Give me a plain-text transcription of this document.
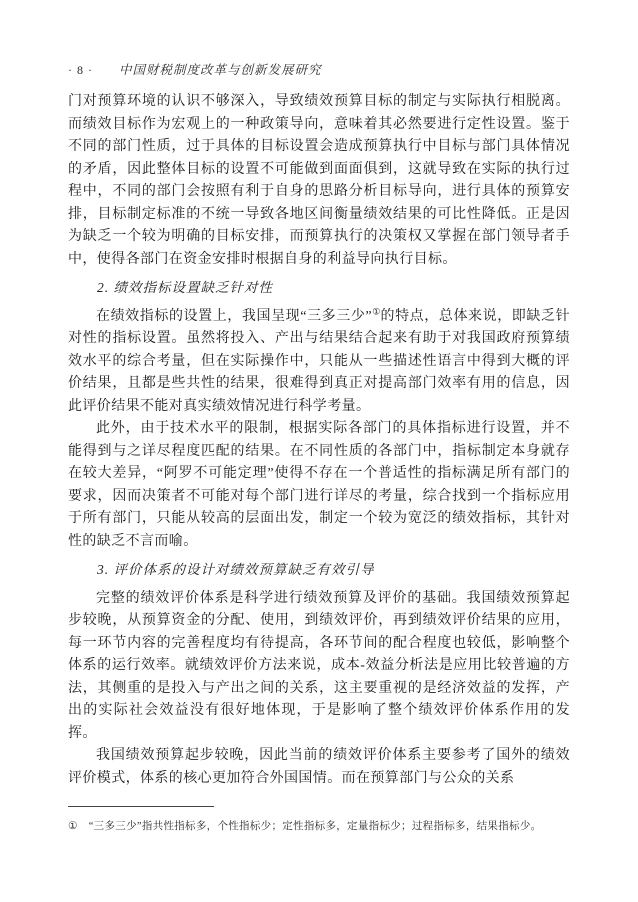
· 8 · 中国财税制度改革与创新发展研究

门对预算环境的认识不够深入，导致绩效预算目标的制定与实际执行相脱离。而绩效目标作为宏观上的一种政策导向，意味着其必然要进行定性设置。鉴于不同的部门性质，过于具体的目标设置会造成预算执行中目标与部门具体情况的矛盾，因此整体目标的设置不可能做到面面俱到，这就导致在实际的执行过程中，不同的部门会按照有利于自身的思路分析目标导向，进行具体的预算安排，目标制定标准的不统一导致各地区间衡量绩效结果的可比性降低。正是因为缺乏一个较为明确的目标安排，而预算执行的决策权又掌握在部门领导者手中，使得各部门在资金安排时根据自身的利益导向执行目标。

2. 绩效指标设置缺乏针对性

在绩效指标的设置上，我国呈现“三多三少”①的特点，总体来说，即缺乏针对性的指标设置。虽然将投入、产出与结果结合起来有助于对我国政府预算绩效水平的综合考量，但在实际操作中，只能从一些描述性语言中得到大概的评价结果，且都是些共性的结果，很难得到真正对提高部门效率有用的信息，因此评价结果不能对真实绩效情况进行科学考量。

此外，由于技术水平的限制，根据实际各部门的具体指标进行设置，并不能得到与之详尽程度匹配的结果。在不同性质的各部门中，指标制定本身就存在较大差异，“阿罗不可能定理”使得不存在一个普适性的指标满足所有部门的要求，因而决策者不可能对每个部门进行详尽的考量，综合找到一个指标应用于所有部门，只能从较高的层面出发，制定一个较为宽泛的绩效指标，其针对性的缺乏不言而喻。

3. 评价体系的设计对绩效预算缺乏有效引导

完整的绩效评价体系是科学进行绩效预算及评价的基础。我国绩效预算起步较晚，从预算资金的分配、使用，到绩效评价，再到绩效评价结果的应用，每一环节内容的完善程度均有待提高，各环节间的配合程度也较低，影响整个体系的运行效率。就绩效评价方法来说，成本-效益分析法是应用比较普遍的方法，其侧重的是投入与产出之间的关系，这主要重视的是经济效益的发挥，产出的实际社会效益没有很好地体现，于是影响了整个绩效评价体系作用的发挥。

我国绩效预算起步较晚，因此当前的绩效评价体系主要参考了国外的绩效评价模式，体系的核心更加符合外国国情。而在预算部门与公众的关系

① “三多三少”指共性指标多，个性指标少；定性指标多，定量指标少；过程指标多，结果指标少。
